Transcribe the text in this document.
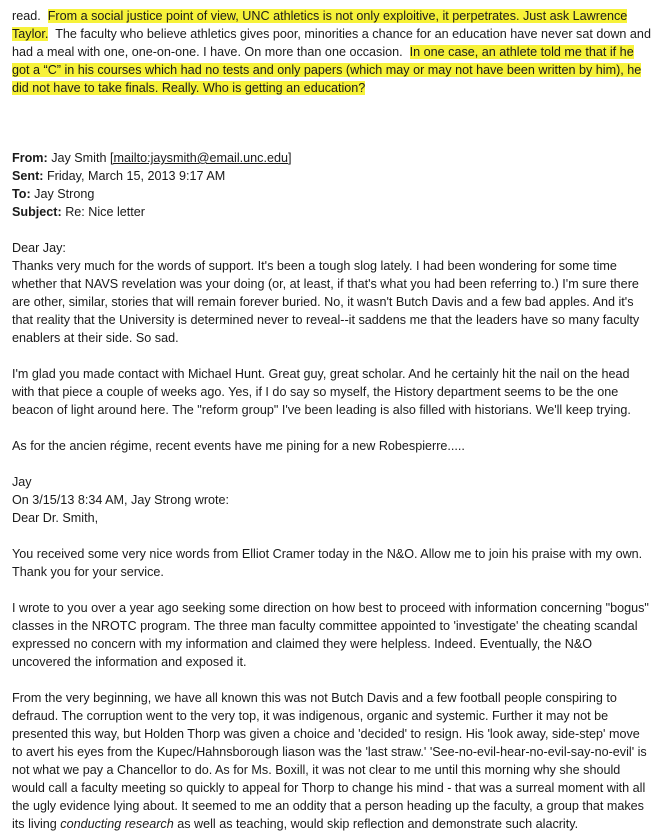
read. From a social justice point of view, UNC athletics is not only exploitive, it perpetrates. Just ask Lawrence Taylor. The faculty who believe athletics gives poor, minorities a chance for an education have never sat down and had a meal with one, one-on-one. I have. On more than one occasion. In one case, an athlete told me that if he got a “C” in his courses which had no tests and only papers (which may or may not have been written by him), he did not have to take finals. Really. Who is getting an education?

From: Jay Smith [mailto:jaysmith@email.unc.edu]

Sent: Friday, March 15, 2013 9:17 AM

To: Jay Strong

Subject: Re: Nice letter

Dear Jay:

Thanks very much for the words of support. It's been a tough slog lately. I had been wondering for some time whether that NAVS revelation was your doing (or, at least, if that's what you had been referring to.) I'm sure there are other, similar, stories that will remain forever buried. No, it wasn't Butch Davis and a few bad apples. And it's that reality that the University is determined never to reveal--it saddens me that the leaders have so many faculty enablers at their side. So sad.

I'm glad you made contact with Michael Hunt. Great guy, great scholar. And he certainly hit the nail on the head with that piece a couple of weeks ago. Yes, if I do say so myself, the History department seems to be the one beacon of light around here. The "reform group" I've been leading is also filled with historians. We'll keep trying.

As for the ancien régime, recent events have me pining for a new Robespierre.....

Jay

On 3/15/13 8:34 AM, Jay Strong wrote:

Dear Dr. Smith,

You received some very nice words from Elliot Cramer today in the N&O. Allow me to join his praise with my own. Thank you for your service.

I wrote to you over a year ago seeking some direction on how best to proceed with information concerning "bogus" classes in the NROTC program. The three man faculty committee appointed to 'investigate' the cheating scandal expressed no concern with my information and claimed they were helpless. Indeed. Eventually, the N&O uncovered the information and exposed it.

From the very beginning, we have all known this was not Butch Davis and a few football people conspiring to defraud. The corruption went to the very top, it was indigenous, organic and systemic. Further it may not be presented this way, but Holden Thorp was given a choice and 'decided' to resign. His 'look away, side-step' move to avert his eyes from the Kupec/Hahnsborough liason was the 'last straw.' 'See-no-evil-hear-no-evil-say-no-evil' is not what we pay a Chancellor to do. As for Ms. Boxill, it was not clear to me until this morning why she should would call a faculty meeting so quickly to appeal for Thorp to change his mind - that was a surreal moment with all the ugly evidence lying about. It seemed to me an oddity that a person heading up the faculty, a group that makes its living conducting research as well as teaching, would skip reflection and demonstrate such alacrity.
